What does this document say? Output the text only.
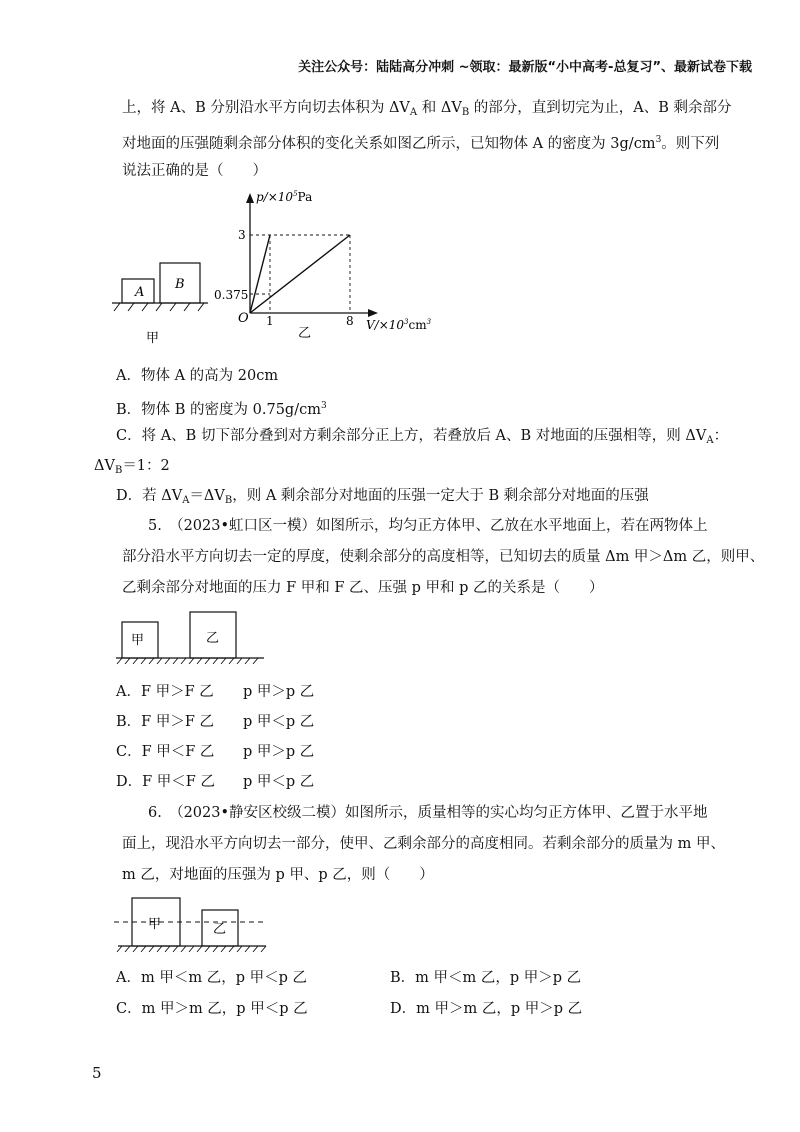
关注公众号：陆陆高分冲刺 ~领取：最新版“小中高考-总复习”、最新试卷下载
上，将 A、B 分别沿水平方向切去体积为 $\Delta V_A$ 和 $\Delta V_B$ 的部分，直到切完为止，A、B 剩余部分
对地面的压强随剩余部分体积的变化关系如图乙所示，已知物体 A 的密度为 $3g/cm^3$。则下列
说法正确的是（　　）
A
B
甲
$p/\times 10^5Pa$
$V/\times 10^3cm^3$
O
3
0.375
1	8
乙
A．物体 A 的高为 20cm
B．物体 B 的密度为 $0.75g/cm^3$
C．将 A、B 切下部分叠到对方剩余部分正上方，若叠放后 A、B 对地面的压强相等，则 $\Delta V_A$：
$\Delta V_B=1$：2
D．若 $\Delta V_A=\Delta V_B$，则 A 剩余部分对地面的压强一定大于 B 剩余部分对地面的压强
5.　（2023•虹口区一模）如图所示，均匀正方体甲、乙放在水平地面上，若在两物体上
部分沿水平方向切去一定的厚度，使剩余部分的高度相等，已知切去的质量 Δm 甲＞Δm 乙，则甲、
乙剩余部分对地面的压力 F 甲和 F 乙、压强 p 甲和 p 乙的关系是（　　）
甲	乙
A．F 甲＞F 乙 p 甲＞p 乙
B．F 甲＞F 乙 p 甲＜p 乙
C．F 甲＜F 乙 p 甲＞p 乙
D．F 甲＜F 乙 p 甲＜p 乙
6.　（2023•静安区校级二模）如图所示，质量相等的实心均匀正方体甲、乙置于水平地
面上，现沿水平方向切去一部分，使甲、乙剩余部分的高度相同。若剩余部分的质量为 m 甲、
m 乙，对地面的压强为 p 甲、p 乙，则（　　）
甲	乙
A．m 甲＜m 乙，p 甲＜p 乙	B．m 甲＜m 乙，p 甲＞p 乙
C．m 甲＞m 乙，p 甲＜p 乙	D．m 甲＞m 乙，p 甲＞p 乙
5
